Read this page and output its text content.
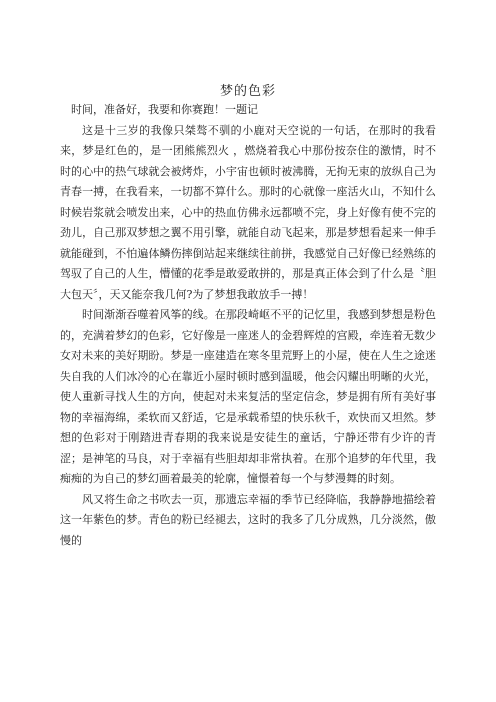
梦的色彩

时间，准备好，我要和你赛跑！一题记

这是十三岁的我像只桀骜不驯的小鹿对天空说的一句话，在那时的我看来，梦是红色的，是一团熊熊烈火 ，燃烧着我心中那份按奈住的激情，时不时的心中的热气球就会被烤炸，小宇宙也顿时被沸腾，无拘无束的放纵自己为青春一搏，在我看来，一切都不算什么。那时的心就像一座活火山，不知什么时候岩浆就会喷发出来，心中的热血仿佛永远都喷不完，身上好像有使不完的劲儿，自己那双梦想之翼不用引擎，就能自动飞起来，那是梦想看起来一伸手就能碰到，不怕遍体鳞伤摔倒站起来继续往前拼，我感觉自己好像已经熟练的驾驭了自己的人生，懵懂的花季是敢爱敢拼的，那是真正体会到了什么是〝胆大包天〞，天又能奈我几何?为了梦想我敢放手一搏！

时间渐渐吞噬着风筝的线。在那段崎岖不平的记忆里，我感到梦想是粉色的，充满着梦幻的色彩，它好像是一座迷人的金碧辉煌的宫殿，牵连着无数少女对未来的美好期盼。梦是一座建造在寒冬里荒野上的小屋，使在人生之途迷失自我的人们冰冷的心在靠近小屋时顿时感到温暖，他会闪耀出明晰的火光，使人重新寻找人生的方向，使起对未来复活的坚定信念，梦是拥有所有美好事物的幸福海绵，柔软而又舒适，它是承载希望的快乐秋千，欢快而又坦然。梦想的色彩对于刚踏进青春期的我来说是安徒生的童话，宁静还带有少许的青涩；是神笔的马良，对于幸福有些胆却却非常执着。在那个追梦的年代里，我痴痴的为自己的梦幻画着最美的轮廓，憧憬着每一个与梦漫舞的时刻。

风又将生命之书吹去一页，那遗忘幸福的季节已经降临，我静静地描绘着这一年紫色的梦。青色的粉已经褪去，这时的我多了几分成熟，几分淡然，傲慢的
